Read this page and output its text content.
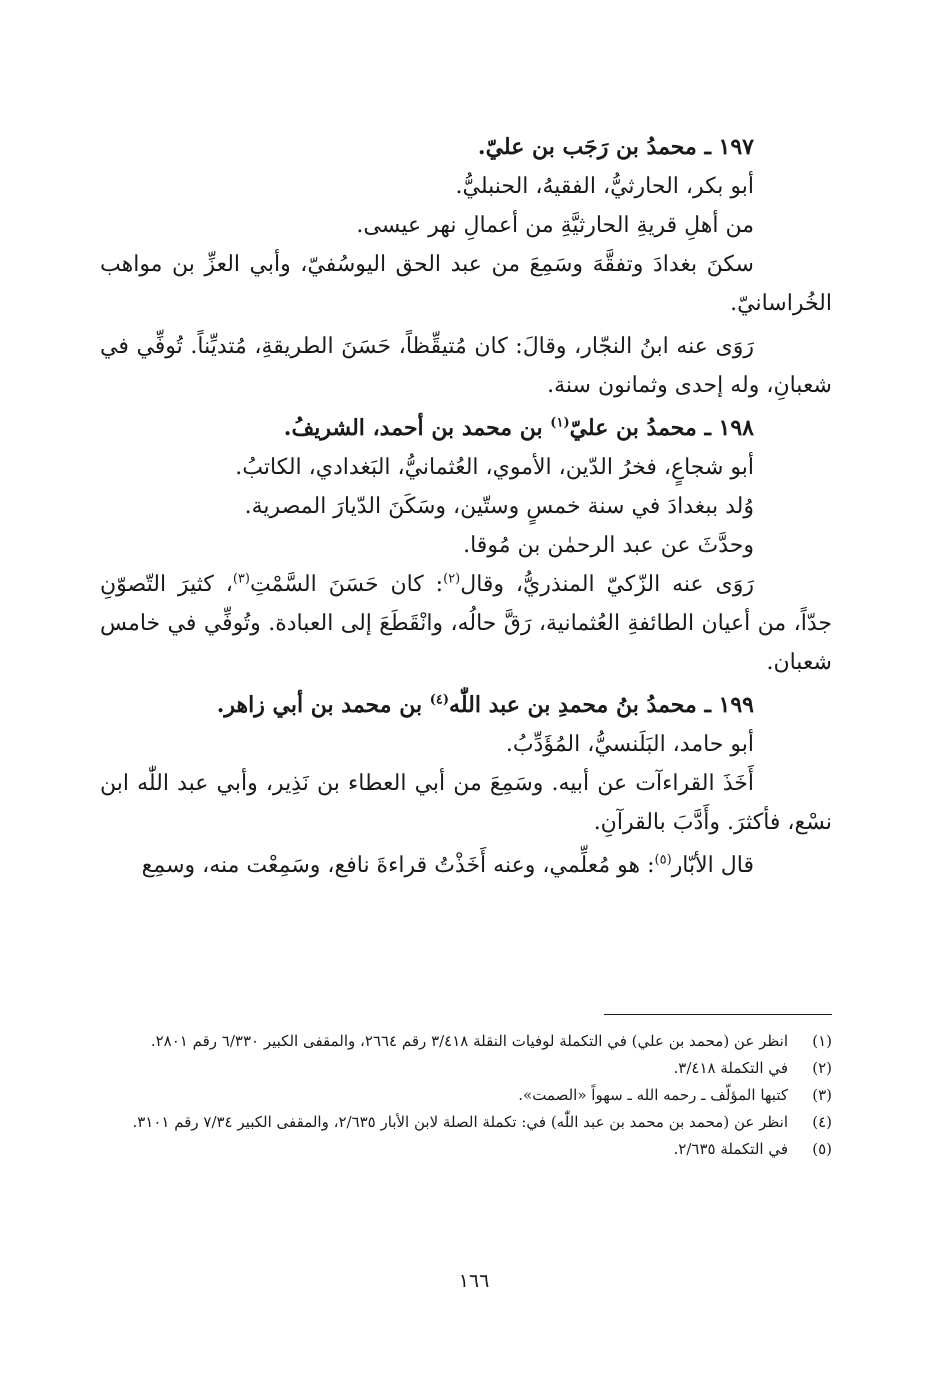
١٩٧ ـ محمدُ بن رَجَب بن عليّ.

أبو بكر، الحارثيُّ، الفقيهُ، الحنبليُّ.

من أهلِ قريةِ الحارثيَّةِ من أعمالِ نهر عيسى.

سكنَ بغدادَ وتفقَّهَ وسَمِعَ من عبد الحق اليوسُفيّ، وأبي العزِّ بن مواهب الخُراسانيّ.

رَوَى عنه ابنُ النجّار، وقالَ: كان مُتيقِّظاً، حَسَنَ الطريقةِ، مُتديِّناً. تُوفِّي في شعبانِ، وله إحدى وثمانون سنة.

١٩٨ ـ محمدُ بن عليّ$^{(١)}$ بن محمد بن أحمد، الشريفُ.

أبو شجاعٍ، فخرُ الدّين، الأموي، العُثمانيُّ، البَغدادي، الكاتبُ.

وُلد ببغدادَ في سنة خمسٍ وستّين، وسَكَنَ الدّيارَ المصرية.

وحدَّثَ عن عبد الرحمٰن بن مُوقا.

رَوَى عنه الزّكيّ المنذريُّ، وقال$^{(٢)}$: كان حَسَنَ السَّمْتِ$^{(٣)}$، كثيرَ التّصوّنِ جدّاً، من أعيان الطائفةِ العُثمانية، رَقَّ حالُه، وانْقَطَعَ إلى العبادة. وتُوفِّي في خامس شعبان.

١٩٩ ـ محمدُ بنُ محمدِ بن عبد اللّٰه$^{(٤)}$ بن محمد بن أبي زاهر.

أبو حامد، البَلَنسيُّ، المُؤَدِّبُ.

أَخَذَ القراءآت عن أبيه. وسَمِعَ من أبي العطاء بن نَذِير، وأبي عبد اللّٰه ابن نسْع، فأكثرَ. وأَدَّبَ بالقرآنِ.

قال الأبّار$^{(٥)}$: هو مُعلِّمي، وعنه أَخَذْتُ قراءةَ نافع، وسَمِعْت منه، وسمِع

(١)
انظر عن (محمد بن علي) في التكملة لوفيات النقلة ٣/٤١٨ رقم ٢٦٦٤، والمقفى الكبير ٦/٣٣٠ رقم ٢٨٠١.
(٢)
في التكملة ٣/٤١٨.
(٣)
كتبها المؤلّف ـ رحمه الله ـ سهواً «الصمت».
(٤)
انظر عن (محمد بن محمد بن عبد اللّٰه) في: تكملة الصلة لابن الأبار ٢/٦٣٥، والمقفى الكبير ٧/٣٤ رقم ٣١٠١.
(٥)
في التكملة ٢/٦٣٥.
١٦٦
